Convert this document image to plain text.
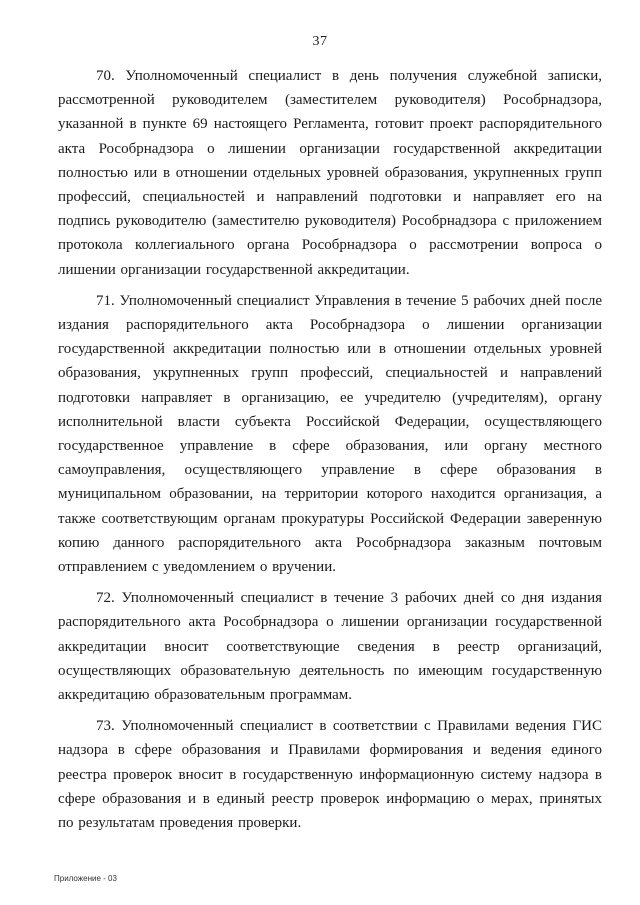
37

70. Уполномоченный специалист в день получения служебной записки, рассмотренной руководителем (заместителем руководителя) Рособрнадзора, указанной в пункте 69 настоящего Регламента, готовит проект распорядительного акта Рособрнадзора о лишении организации государственной аккредитации полностью или в отношении отдельных уровней образования, укрупненных групп профессий, специальностей и направлений подготовки и направляет его на подпись руководителю (заместителю руководителя) Рособрнадзора с приложением протокола коллегиального органа Рособрнадзора о рассмотрении вопроса о лишении организации государственной аккредитации.

71. Уполномоченный специалист Управления в течение 5 рабочих дней после издания распорядительного акта Рособрнадзора о лишении организации государственной аккредитации полностью или в отношении отдельных уровней образования, укрупненных групп профессий, специальностей и направлений подготовки направляет в организацию, ее учредителю (учредителям), органу исполнительной власти субъекта Российской Федерации, осуществляющего государственное управление в сфере образования, или органу местного самоуправления, осуществляющего управление в сфере образования в муниципальном образовании, на территории которого находится организация, а также соответствующим органам прокуратуры Российской Федерации заверенную копию данного распорядительного акта Рособрнадзора заказным почтовым отправлением с уведомлением о вручении.

72. Уполномоченный специалист в течение 3 рабочих дней со дня издания распорядительного акта Рособрнадзора о лишении организации государственной аккредитации вносит соответствующие сведения в реестр организаций, осуществляющих образовательную деятельность по имеющим государственную аккредитацию образовательным программам.

73. Уполномоченный специалист в соответствии с Правилами ведения ГИС надзора в сфере образования и Правилами формирования и ведения единого реестра проверок вносит в государственную информационную систему надзора в сфере образования и в единый реестр проверок информацию о мерах, принятых по результатам проведения проверки.

Приложение - 03
